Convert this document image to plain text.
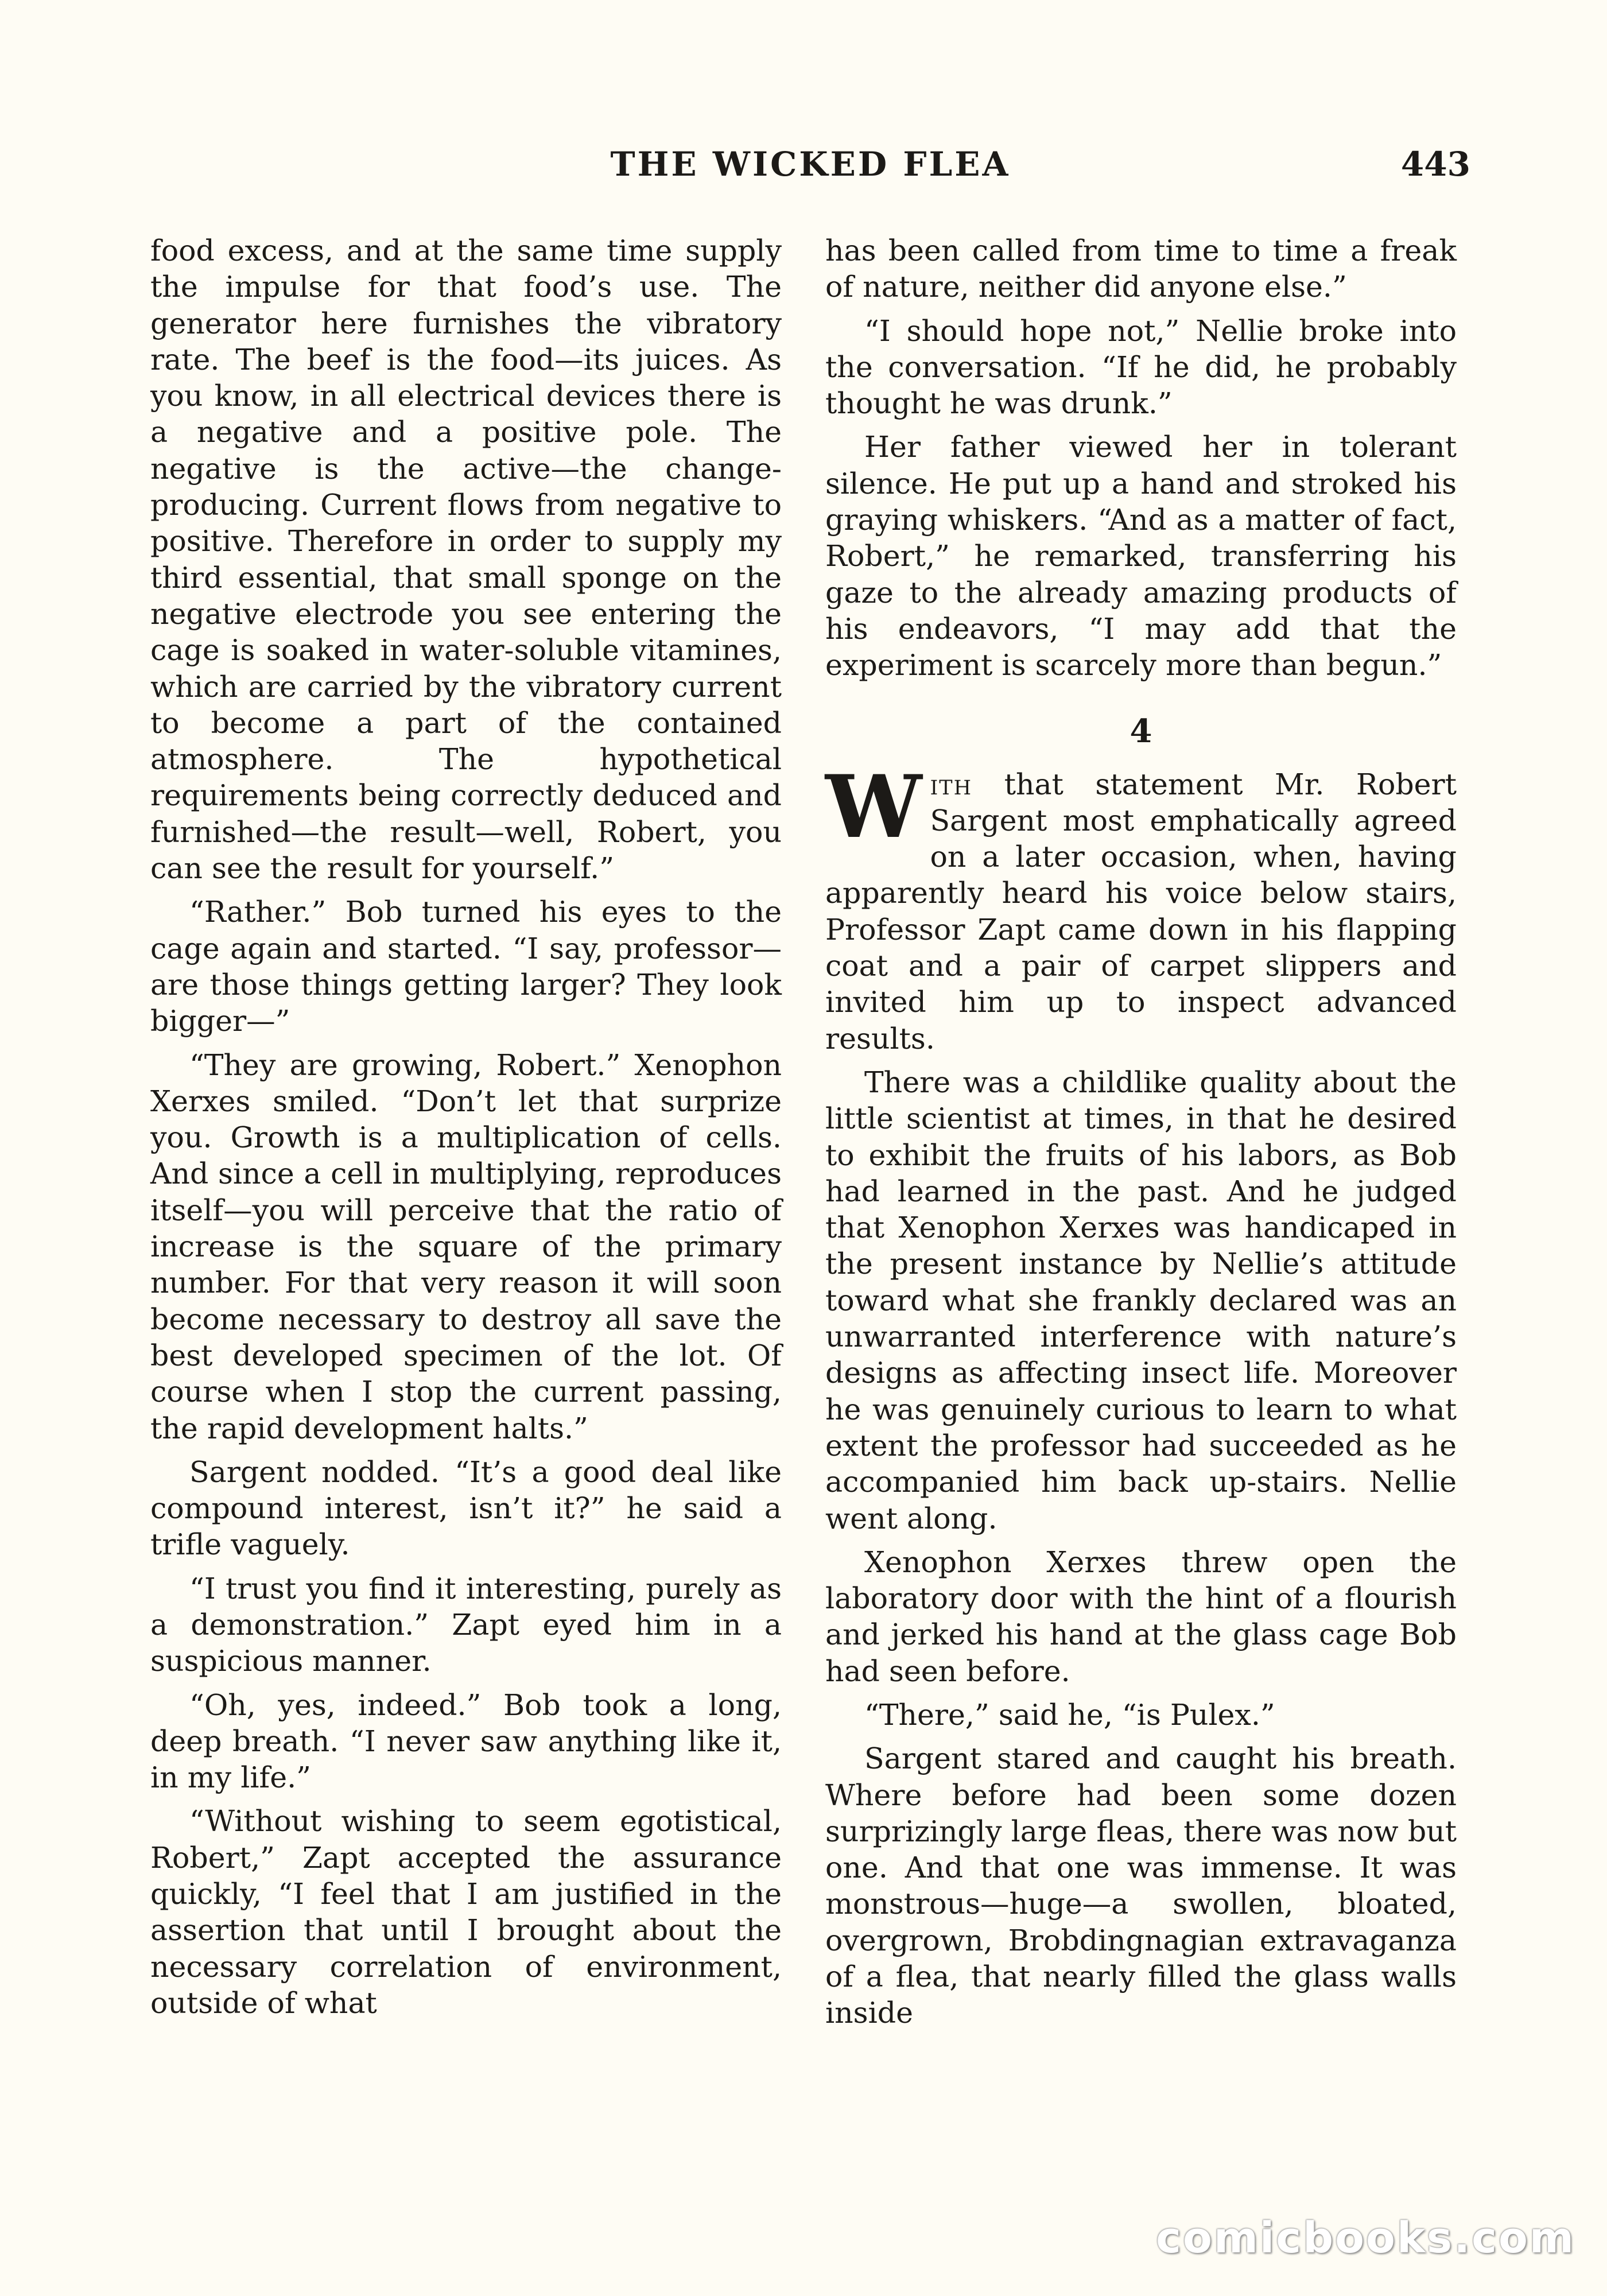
THE WICKED FLEA	443

food excess, and at the same time supply the impulse for that food’s use. The generator here furnishes the vibratory rate. The beef is the food—its juices. As you know, in all electrical devices there is a negative and a positive pole. The negative is the active—the change-producing. Current flows from negative to positive. Therefore in order to supply my third essential, that small sponge on the negative electrode you see entering the cage is soaked in water-soluble vitamines, which are carried by the vibratory current to become a part of the contained atmosphere. The hypothetical requirements being correctly deduced and furnished—the result—well, Robert, you can see the result for yourself.”

“Rather.” Bob turned his eyes to the cage again and started. “I say, professor—are those things getting larger? They look bigger—”

“They are growing, Robert.” Xenophon Xerxes smiled. “Don’t let that surprize you. Growth is a multiplication of cells. And since a cell in multiplying, reproduces itself—you will perceive that the ratio of increase is the square of the primary number. For that very reason it will soon become necessary to destroy all save the best developed specimen of the lot. Of course when I stop the current passing, the rapid development halts.”

Sargent nodded. “It’s a good deal like compound interest, isn’t it?” he said a trifle vaguely.

“I trust you find it interesting, purely as a demonstration.” Zapt eyed him in a suspicious manner.

“Oh, yes, indeed.” Bob took a long, deep breath. “I never saw anything like it, in my life.”

“Without wishing to seem egotistical, Robert,” Zapt accepted the assurance quickly, “I feel that I am justified in the assertion that until I brought about the necessary correlation of environment, outside of what

has been called from time to time a freak of nature, neither did anyone else.”

“I should hope not,” Nellie broke into the conversation. “If he did, he probably thought he was drunk.”

Her father viewed her in tolerant silence. He put up a hand and stroked his graying whiskers. “And as a matter of fact, Robert,” he remarked, transferring his gaze to the already amazing products of his endeavors, “I may add that the experiment is scarcely more than begun.”

4

With that statement Mr. Robert Sargent most emphatically agreed on a later occasion, when, having apparently heard his voice below stairs, Professor Zapt came down in his flapping coat and a pair of carpet slippers and invited him up to inspect advanced results.

There was a childlike quality about the little scientist at times, in that he desired to exhibit the fruits of his labors, as Bob had learned in the past. And he judged that Xenophon Xerxes was handicaped in the present instance by Nellie’s attitude toward what she frankly declared was an unwarranted interference with nature’s designs as affecting insect life. Moreover he was genuinely curious to learn to what extent the professor had succeeded as he accompanied him back up-stairs. Nellie went along.

Xenophon Xerxes threw open the laboratory door with the hint of a flourish and jerked his hand at the glass cage Bob had seen before.

“There,” said he, “is Pulex.”

Sargent stared and caught his breath. Where before had been some dozen surprizingly large fleas, there was now but one. And that one was immense. It was monstrous—huge—a swollen, bloated, overgrown, Brobdingnagian extravaganza of a flea, that nearly filled the glass walls inside

comicbooks.com
